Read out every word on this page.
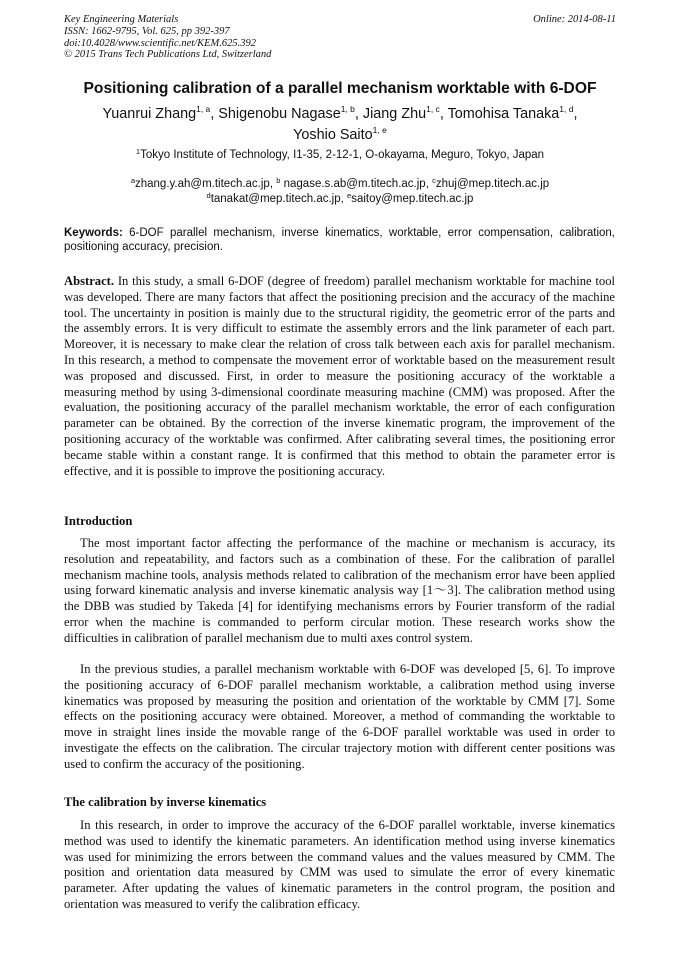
Key Engineering Materials
ISSN: 1662-9795, Vol. 625, pp 392-397
doi:10.4028/www.scientific.net/KEM.625.392
© 2015 Trans Tech Publications Ltd, Switzerland
Online: 2014-08-11
Positioning calibration of a parallel mechanism worktable with 6-DOF
Yuanrui Zhang$^{1, a}$, Shigenobu Nagase$^{1, b}$, Jiang Zhu$^{1, c}$, Tomohisa Tanaka$^{1, d}$,
Yoshio Saito$^{1, e}$
$^1$Tokyo Institute of Technology, I1-35, 2-12-1, O-okayama, Meguro, Tokyo, Japan
$^a$zhang.y.ah@m.titech.ac.jp, $^b$ nagase.s.ab@m.titech.ac.jp, $^c$zhuj@mep.titech.ac.jp
$^d$tanakat@mep.titech.ac.jp, $^e$saitoy@mep.titech.ac.jp
Keywords: 6-DOF parallel mechanism, inverse kinematics, worktable, error compensation, calibration, positioning accuracy, precision.
Abstract. In this study, a small 6-DOF (degree of freedom) parallel mechanism worktable for machine tool was developed. There are many factors that affect the positioning precision and the accuracy of the machine tool. The uncertainty in position is mainly due to the structural rigidity, the geometric error of the parts and the assembly errors. It is very difficult to estimate the assembly errors and the link parameter of each part. Moreover, it is necessary to make clear the relation of cross talk between each axis for parallel mechanism. In this research, a method to compensate the movement error of worktable based on the measurement result was proposed and discussed. First, in order to measure the positioning accuracy of the worktable a measuring method by using 3-dimensional coordinate measuring machine (CMM) was proposed. After the evaluation, the positioning accuracy of the parallel mechanism worktable, the error of each configuration parameter can be obtained. By the correction of the inverse kinematic program, the improvement of the positioning accuracy of the worktable was confirmed. After calibrating several times, the positioning error became stable within a constant range. It is confirmed that this method to obtain the parameter error is effective, and it is possible to improve the positioning accuracy.
Introduction

The most important factor affecting the performance of the machine or mechanism is accuracy, its resolution and repeatability, and factors such as a combination of these. For the calibration of parallel mechanism machine tools, analysis methods related to calibration of the mechanism error have been applied using forward kinematic analysis and inverse kinematic analysis way [1～3]. The calibration method using the DBB was studied by Takeda [4] for identifying mechanisms errors by Fourier transform of the radial error when the machine is commanded to perform circular motion. These research works show the difficulties in calibration of parallel mechanism due to multi axes control system.

In the previous studies, a parallel mechanism worktable with 6-DOF was developed [5, 6]. To improve the positioning accuracy of 6-DOF parallel mechanism worktable, a calibration method using inverse kinematics was proposed by measuring the position and orientation of the worktable by CMM [7]. Some effects on the positioning accuracy were obtained. Moreover, a method of commanding the worktable to move in straight lines inside the movable range of the 6-DOF parallel worktable was used in order to investigate the effects on the calibration. The circular trajectory motion with different center positions was used to confirm the accuracy of the positioning.

The calibration by inverse kinematics

In this research, in order to improve the accuracy of the 6-DOF parallel worktable, inverse kinematics method was used to identify the kinematic parameters. An identification method using inverse kinematics was used for minimizing the errors between the command values and the values measured by CMM. The position and orientation data measured by CMM was used to simulate the error of every kinematic parameter. After updating the values of kinematic parameters in the control program, the position and orientation was measured to verify the calibration efficacy.
